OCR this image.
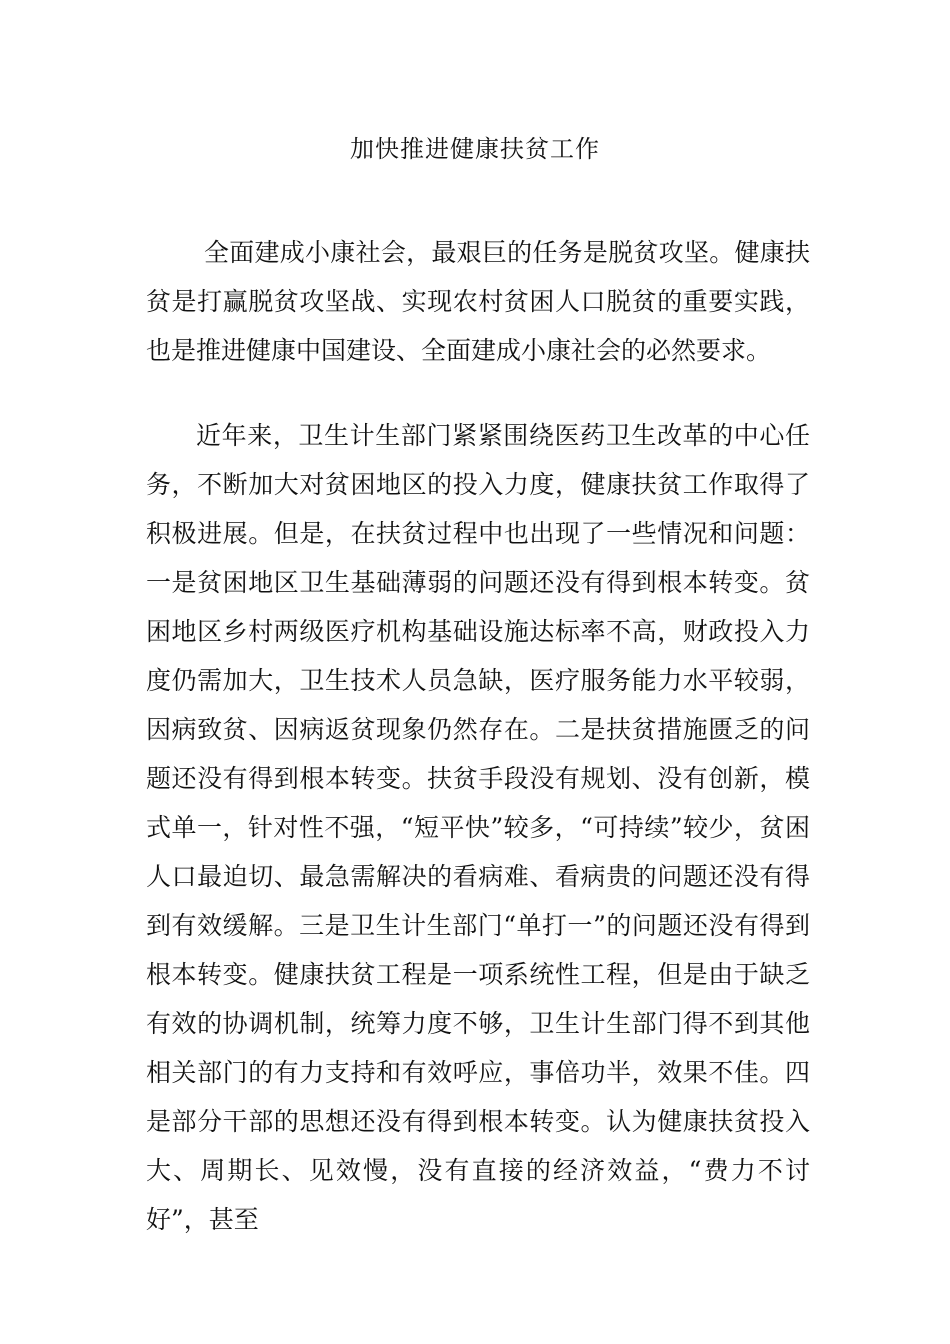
加快推进健康扶贫工作

全面建成小康社会，最艰巨的任务是脱贫攻坚。健康扶贫是打赢脱贫攻坚战、实现农村贫困人口脱贫的重要实践，也是推进健康中国建设、全面建成小康社会的必然要求。

近年来，卫生计生部门紧紧围绕医药卫生改革的中心任务，不断加大对贫困地区的投入力度，健康扶贫工作取得了积极进展。但是，在扶贫过程中也出现了一些情况和问题：一是贫困地区卫生基础薄弱的问题还没有得到根本转变。贫困地区乡村两级医疗机构基础设施达标率不高，财政投入力度仍需加大，卫生技术人员急缺，医疗服务能力水平较弱，因病致贫、因病返贫现象仍然存在。二是扶贫措施匮乏的问题还没有得到根本转变。扶贫手段没有规划、没有创新，模式单一，针对性不强，“短平快”较多，“可持续”较少，贫困人口最迫切、最急需解决的看病难、看病贵的问题还没有得到有效缓解。三是卫生计生部门“单打一”的问题还没有得到根本转变。健康扶贫工程是一项系统性工程，但是由于缺乏有效的协调机制，统筹力度不够，卫生计生部门得不到其他相关部门的有力支持和有效呼应，事倍功半，效果不佳。四是部分干部的思想还没有得到根本转变。认为健康扶贫投入大、周期长、见效慢，没有直接的经济效益，“费力不讨好”，甚至
